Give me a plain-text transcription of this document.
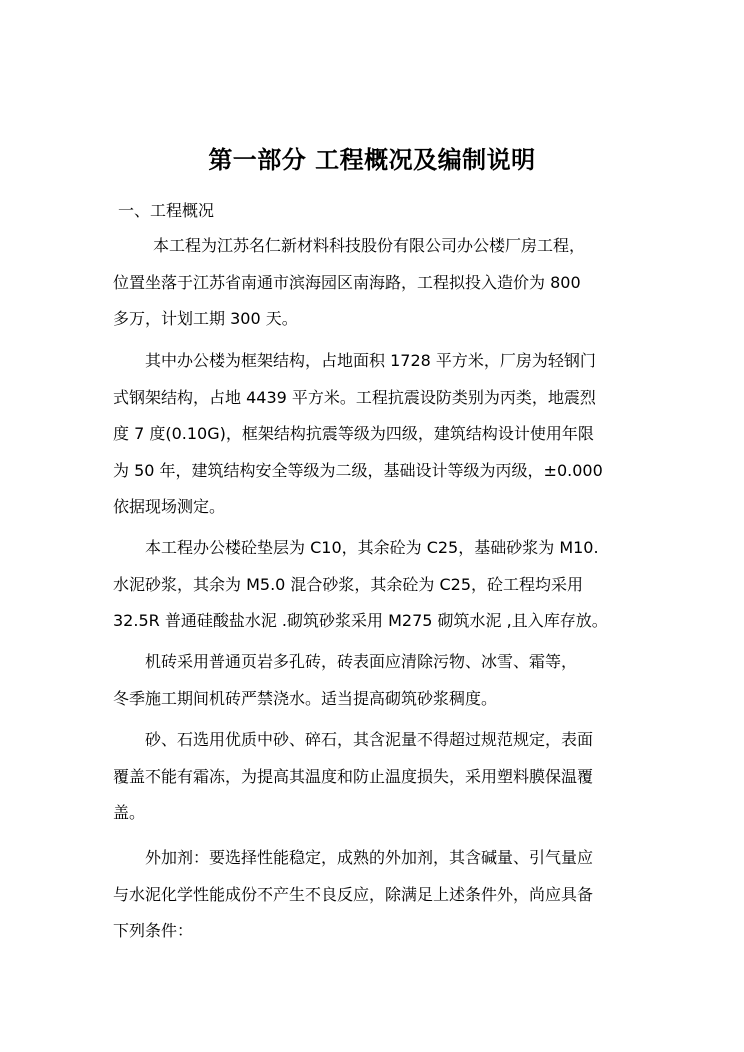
第一部分 工程概况及编制说明
一、工程概况
本工程为江苏名仁新材料科技股份有限公司办公楼厂房工程，
位置坐落于江苏省南通市滨海园区南海路，工程拟投入造价为 800
多万，计划工期 300 天。
其中办公楼为框架结构，占地面积 1728 平方米，厂房为轻钢门
式钢架结构，占地 4439 平方米。工程抗震设防类别为丙类，地震烈
度 7 度(0.10G)，框架结构抗震等级为四级，建筑结构设计使用年限
为 50 年，建筑结构安全等级为二级，基础设计等级为丙级，±0.000
依据现场测定。
本工程办公楼砼垫层为 C10，其余砼为 C25，基础砂浆为 M10.
水泥砂浆，其余为 M5.0 混合砂浆，其余砼为 C25，砼工程均采用
32.5R 普通硅酸盐水泥 .砌筑砂浆采用 M275 砌筑水泥 ,且入库存放。
机砖采用普通页岩多孔砖，砖表面应清除污物、冰雪、霜等，
冬季施工期间机砖严禁浇水。适当提高砌筑砂浆稠度。
砂、石选用优质中砂、碎石，其含泥量不得超过规范规定，表面
覆盖不能有霜冻，为提高其温度和防止温度损失，采用塑料膜保温覆
盖。
外加剂：要选择性能稳定，成熟的外加剂，其含碱量、引气量应
与水泥化学性能成份不产生不良反应，除满足上述条件外，尚应具备
下列条件：
